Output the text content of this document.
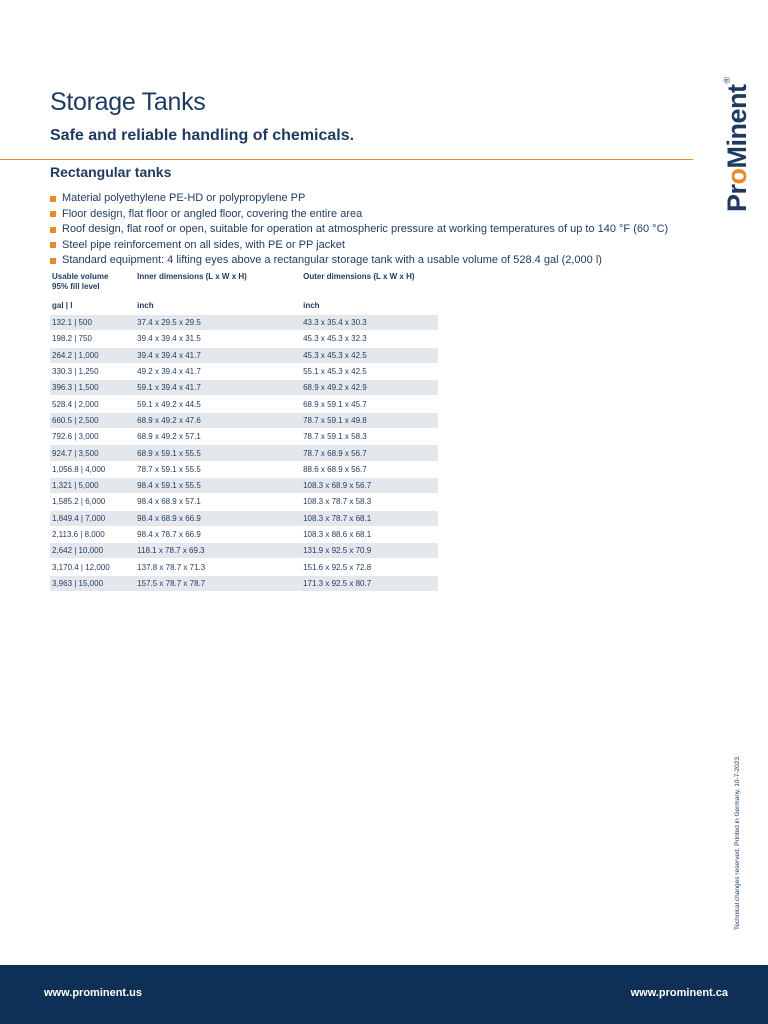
Storage Tanks
Safe and reliable handling of chemicals.
Rectangular tanks
Material polyethylene PE-HD or polypropylene PP
Floor design, flat floor or angled floor, covering the entire area
Roof design, flat roof or open, suitable for operation at atmospheric pressure at working temperatures of up to 140 °F (60 °C)
Steel pipe reinforcement on all sides, with PE or PP jacket
Standard equipment: 4 lifting eyes above a rectangular storage tank with a usable volume of 528.4 gal (2,000 l)
Usable volume
95% fill level	Inner dimensions (L x W x H)	Outer dimensions (L x W x H)
gal | l	inch	inch
132.1 | 500	37.4 x 29.5 x 29.5	43.3 x 35.4 x 30.3
198.2 | 750	39.4 x 39.4 x 31.5	45.3 x 45.3 x 32.3
264.2 | 1,000	39.4 x 39.4 x 41.7	45.3 x 45.3 x 42.5
330.3 | 1,250	49.2 x 39.4 x 41.7	55.1 x 45.3 x 42.5
396.3 | 1,500	59.1 x 39.4 x 41.7	68.9 x 49.2 x 42.9
528.4 | 2,000	59.1 x 49.2 x 44.5	68.9 x 59.1 x 45.7
660.5 | 2,500	68.9 x 49.2 x 47.6	78.7 x 59.1 x 49.8
792.6 | 3,000	68.9 x 49.2 x 57.1	78.7 x 59.1 x 58.3
924.7 | 3,500	68.9 x 59.1 x 55.5	78.7 x 68.9 x 56.7
1,056.8 | 4,000	78.7 x 59.1 x 55.5	88.6 x 68.9 x 56.7
1,321 | 5,000	98.4 x 59.1 x 55.5	108.3 x 68.9 x 56.7
1,585.2 | 6,000	98.4 x 68.9 x 57.1	108.3 x 78.7 x 58.3
1,849.4 | 7,000	98.4 x 68.9 x 66.9	108.3 x 78.7 x 68.1
2,113.6 | 8,000	98.4 x 78.7 x 66.9	108.3 x 88.6 x 68.1
2,642 | 10,000	118.1 x 78.7 x 69.3	131.9 x 92.5 x 70.9
3,170.4 | 12,000	137.8 x 78.7 x 71.3	151.6 x 92.5 x 72.8
3,963 | 15,000	157.5 x 78.7 x 78.7	171.3 x 92.5 x 80.7
ProMinent®
Technical changes reserved. Printed in Germany, 10-7-2023.
www.prominent.us	www.prominent.ca
